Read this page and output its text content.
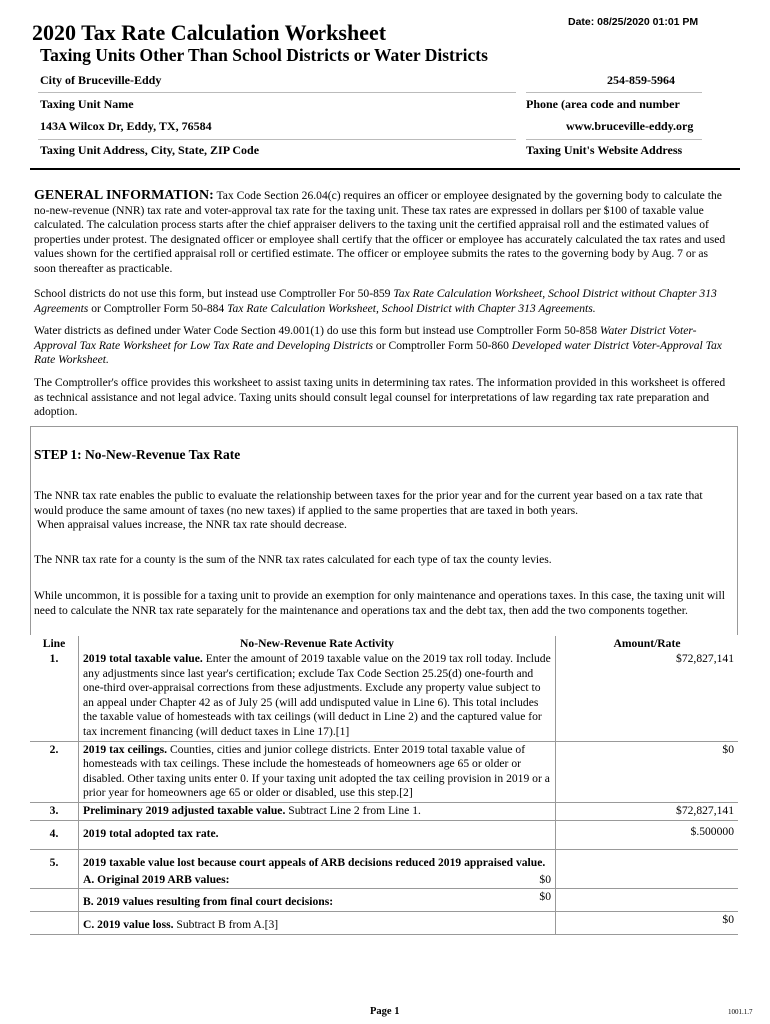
Date: 08/25/2020 01:01 PM
2020 Tax Rate Calculation Worksheet
Taxing Units Other Than School Districts or Water Districts
City of Bruceville-Eddy
Taxing Unit Name
254-859-5964
Phone (area code and number
143A Wilcox Dr, Eddy, TX, 76584
Taxing Unit Address, City, State, ZIP Code
www.bruceville-eddy.org
Taxing Unit's Website Address
GENERAL INFORMATION: Tax Code Section 26.04(c) requires an officer or employee designated by the governing body to calculate the no-new-revenue (NNR) tax rate and voter-approval tax rate for the taxing unit. These tax rates are expressed in dollars per $100 of taxable value calculated. The calculation process starts after the chief appraiser delivers to the taxing unit the certified appraisal roll and the estimated values of properties under protest. The designated officer or employee shall certify that the officer or employee has accurately calculated the tax rates and used values shown for the certified appraisal roll or certified estimate. The officer or employee submits the rates to the governing body by Aug. 7 or as soon thereafter as practicable.
School districts do not use this form, but instead use Comptroller For 50-859 Tax Rate Calculation Worksheet, School District without Chapter 313 Agreements or Comptroller Form 50-884 Tax Rate Calculation Worksheet, School District with Chapter 313 Agreements.
Water districts as defined under Water Code Section 49.001(1) do use this form but instead use Comptroller Form 50-858 Water District Voter-Approval Tax Rate Worksheet for Low Tax Rate and Developing Districts or Comptroller Form 50-860 Developed water District Voter-Approval Tax Rate Worksheet.
The Comptroller's office provides this worksheet to assist taxing units in determining tax rates. The information provided in this worksheet is offered as technical assistance and not legal advice. Taxing units should consult legal counsel for interpretations of law regarding tax rate preparation and adoption.
STEP 1: No-New-Revenue Tax Rate
The NNR tax rate enables the public to evaluate the relationship between taxes for the prior year and for the current year based on a tax rate that would produce the same amount of taxes (no new taxes) if applied to the same properties that are taxed in both years.
When appraisal values increase, the NNR tax rate should decrease.
The NNR tax rate for a county is the sum of the NNR tax rates calculated for each type of tax the county levies.
While uncommon, it is possible for a taxing unit to provide an exemption for only maintenance and operations taxes. In this case, the taxing unit will need to calculate the NNR tax rate separately for the maintenance and operations tax and the debt tax, then add the two components together.
Line	No-New-Revenue Rate Activity		Amount/Rate
1.	2019 total taxable value. Enter the amount of 2019 taxable value on the 2019 tax roll today. Include any adjustments since last year's certification; exclude Tax Code Section 25.25(d) one-fourth and one-third over-appraisal corrections from these adjustments. Exclude any property value subject to an appeal under Chapter 42 as of July 25 (will add undisputed value in Line 6). This total includes the taxable value of homesteads with tax ceilings (will deduct in Line 2) and the captured value for tax increment financing (will deduct taxes in Line 17).[1]		$72,827,141
2.	2019 tax ceilings. Counties, cities and junior college districts. Enter 2019 total taxable value of homesteads with tax ceilings. These include the homesteads of homeowners age 65 or older or disabled. Other taxing units enter 0. If your taxing unit adopted the tax ceiling provision in 2019 or a prior year for homeowners age 65 or older or disabled, use this step.[2]		$0
3.	Preliminary 2019 adjusted taxable value. Subtract Line 2 from Line 1.		$72,827,141
4.	2019 total adopted tax rate.		$.500000
5.	2019 taxable value lost because court appeals of ARB decisions reduced 2019 appraised value.		
	A. Original 2019 ARB values:	$0	
	B. 2019 values resulting from final court decisions:	$0	
	C. 2019 value loss. Subtract B from A.[3]		$0
Page 1	1001.1.7
